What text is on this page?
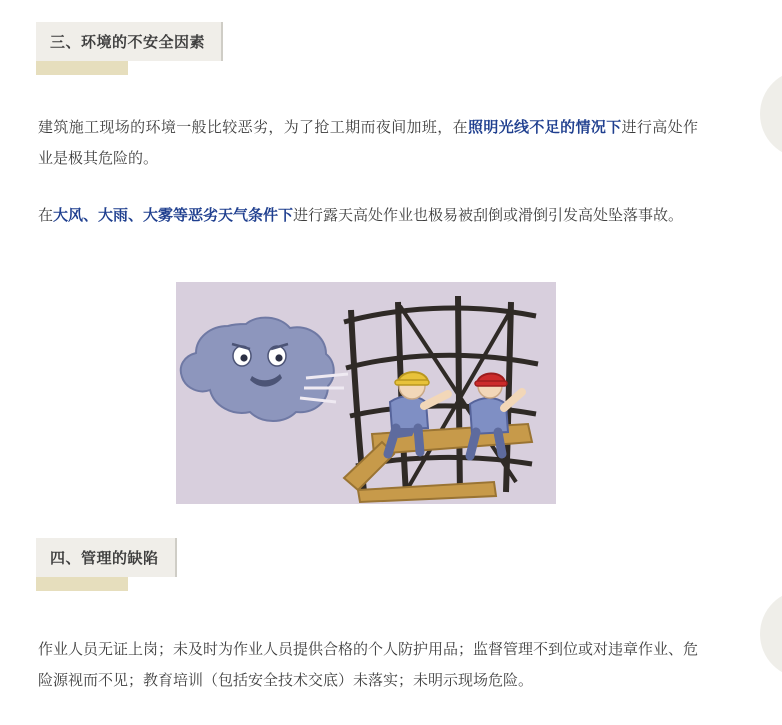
三、环境的不安全因素
建筑施工现场的环境一般比较恶劣，为了抢工期而夜间加班，在照明光线不足的情况下进行高处作业是极其危险的。
在大风、大雨、大雾等恶劣天气条件下进行露天高处作业也极易被刮倒或滑倒引发高处坠落事故。
四、管理的缺陷
作业人员无证上岗；未及时为作业人员提供合格的个人防护用品；监督管理不到位或对违章作业、危险源视而不见；教育培训（包括安全技术交底）未落实；未明示现场危险。
